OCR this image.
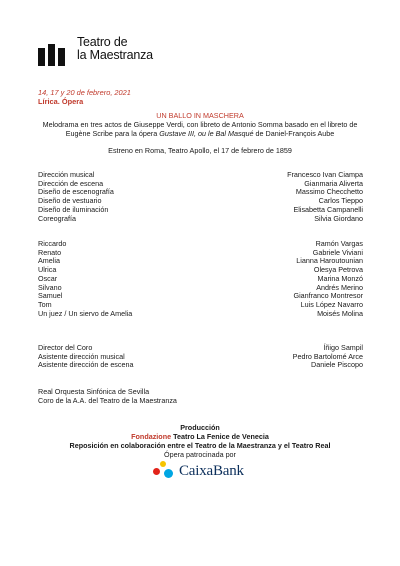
Teatro de
la Maestranza
14, 17 y 20 de febrero, 2021
Lírica. Ópera
UN BALLO IN MASCHERA
Melodrama en tres actos de Giuseppe Verdi, con libreto de Antonio Somma basado en el libreto de Eugène Scribe para la ópera Gustave III, ou le Bal Masqué de Daniel-François Aube
Estreno en Roma, Teatro Apollo, el 17 de febrero de 1859
Dirección musical	Francesco Ivan Ciampa
Dirección de escena	Gianmaria Aliverta
Diseño de escenografía	Massimo Checchetto
Diseño de vestuario	Carlos Tieppo
Diseño de iluminación	Elisabetta Campanelli
Coreografía	Silvia Giordano
Riccardo	Ramón Vargas
Renato	Gabriele Viviani
Amelia	Lianna Haroutounian
Ulrica	Olesya Petrova
Oscar	Marina Monzó
Silvano	Andrés Merino
Samuel	Gianfranco Montresor
Tom	Luis López Navarro
Un juez / Un siervo de Amelia	Moisés Molina
Director del Coro	Íñigo Sampil
Asistente dirección musical	Pedro Bartolomé Arce
Asistente dirección de escena	Daniele Piscopo
Real Orquesta Sinfónica de Sevilla
Coro de la A.A. del Teatro de la Maestranza
Producción
Fondazione Teatro La Fenice de Venecia
Reposición en colaboración entre el Teatro de la Maestranza y el Teatro Real
Ópera patrocinada por
CaixaBank
